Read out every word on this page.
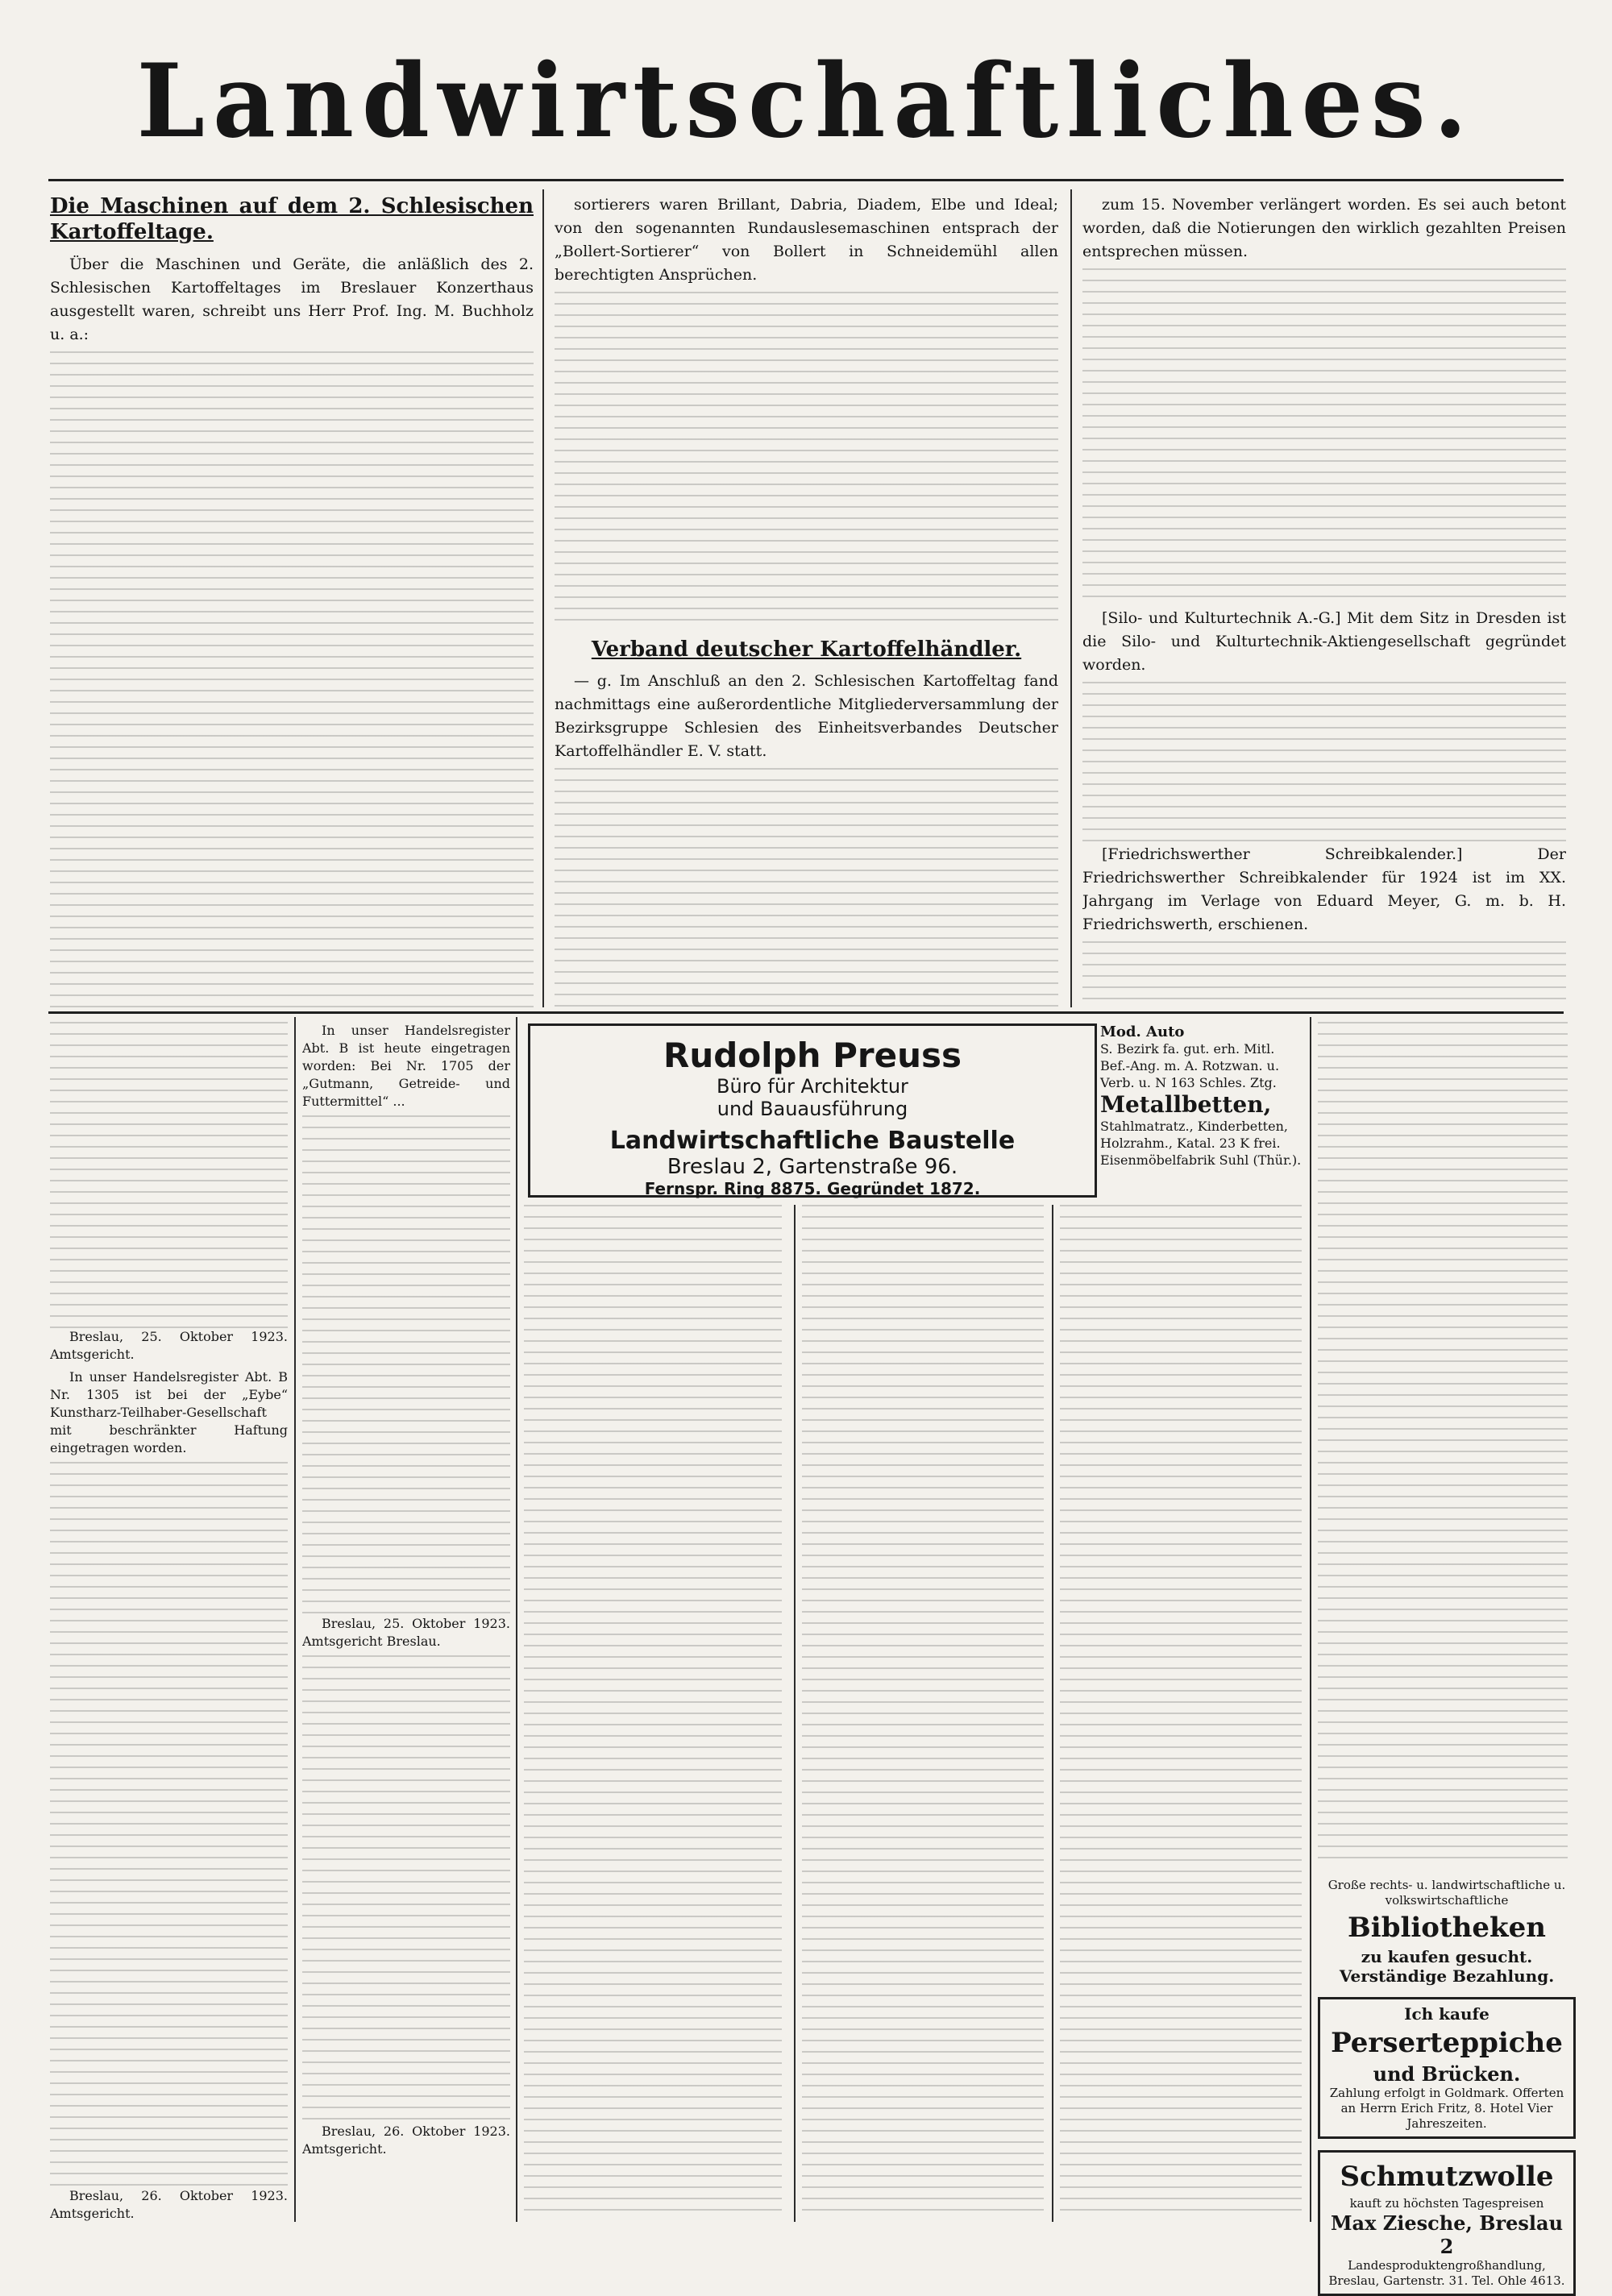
Landwirtschaftliches.
Die Maschinen auf dem 2. Schlesischen Kartoffeltage.

Über die Maschinen und Geräte, die anläßlich des 2. Schlesischen Kartoffeltages im Breslauer Konzerthaus ausgestellt waren, schreibt uns Herr Prof. Ing. M. Buchholz u. a.:

sortierers waren Brillant, Dabria, Diadem, Elbe und Ideal; von den sogenannten Rundauslesemaschinen entsprach der „Bollert-Sortierer“ von Bollert in Schneidemühl allen berechtigten Ansprüchen.

Verband deutscher Kartoffelhändler.

— g. Im Anschluß an den 2. Schlesischen Kartoffeltag fand nachmittags eine außerordentliche Mitgliederversammlung der Bezirksgruppe Schlesien des Einheitsverbandes Deutscher Kartoffelhändler E. V. statt.

zum 15. November verlängert worden. Es sei auch betont worden, daß die Notierungen den wirklich gezahlten Preisen entsprechen müssen.

[Silo- und Kulturtechnik A.-G.] Mit dem Sitz in Dresden ist die Silo- und Kulturtechnik-Aktiengesellschaft gegründet worden.

[Friedrichswerther Schreibkalender.] Der Friedrichswerther Schreibkalender für 1924 ist im XX. Jahrgang im Verlage von Eduard Meyer, G. m. b. H. Friedrichswerth, erschienen.

Breslau, 25. Oktober 1923. Amtsgericht.

In unser Handelsregister Abt. B Nr. 1305 ist bei der „Eybe“ Kunstharz-Teilhaber-Gesellschaft mit beschränkter Haftung eingetragen worden.

Breslau, 26. Oktober 1923. Amtsgericht.

In unser Handelsregister Abt. B ist heute eingetragen worden: Bei Nr. 1705 der „Gutmann, Getreide- und Futtermittel“ ...

Breslau, 25. Oktober 1923. Amtsgericht Breslau.

Breslau, 26. Oktober 1923. Amtsgericht.

Rudolph Preuss
Büro für Architektur
und Bauausführung
Landwirtschaftliche Baustelle
Breslau 2, Gartenstraße 96.
Fernspr. Ring 8875. Gegründet 1872.
Mod. Auto
S. Bezirk fa. gut. erh. Mitl. Bef.-Ang. m. A. Rotzwan. u. Verb. u. N 163 Schles. Ztg.
Metallbetten,
Stahlmatratz., Kinderbetten, Holzrahm., Katal. 23 K frei. Eisenmöbelfabrik Suhl (Thür.).
Große rechts- u. landwirtschaftliche u. volkswirtschaftliche
Bibliotheken
zu kaufen gesucht.
Verständige Bezahlung.
Ich kaufe
Perserteppiche
und Brücken.
Zahlung erfolgt in Goldmark. Offerten an Herrn Erich Fritz, 8. Hotel Vier Jahreszeiten.
Schmutzwolle
kauft zu höchsten Tagespreisen
Max Ziesche, Breslau 2
Landesproduktengroßhandlung, Breslau, Gartenstr. 31. Tel. Ohle 4613.
